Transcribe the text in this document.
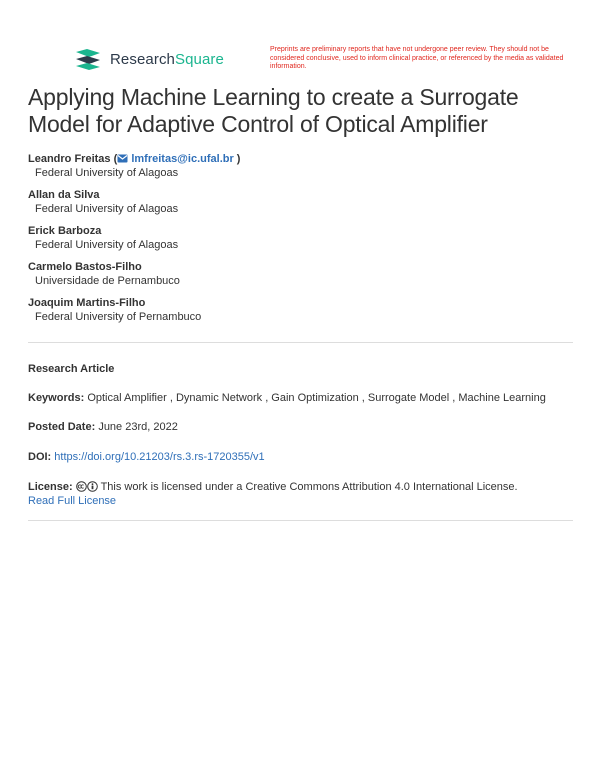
ResearchSquare
Preprints are preliminary reports that have not undergone peer review. They should not be considered conclusive, used to inform clinical practice, or referenced by the media as validated information.
Applying Machine Learning to create a Surrogate Model for Adaptive Control of Optical Amplifier
Leandro Freitas ( lmfreitas@ic.ufal.br )
Federal University of Alagoas
Allan da Silva
Federal University of Alagoas
Erick Barboza
Federal University of Alagoas
Carmelo Bastos-Filho
Universidade de Pernambuco
Joaquim Martins-Filho
Federal University of Pernambuco
Research Article
Keywords: Optical Amplifier , Dynamic Network , Gain Optimization , Surrogate Model , Machine Learning
Posted Date: June 23rd, 2022
DOI: https://doi.org/10.21203/rs.3.rs-1720355/v1
License:	This work is licensed under a Creative Commons Attribution 4.0 International License.
Read Full License
